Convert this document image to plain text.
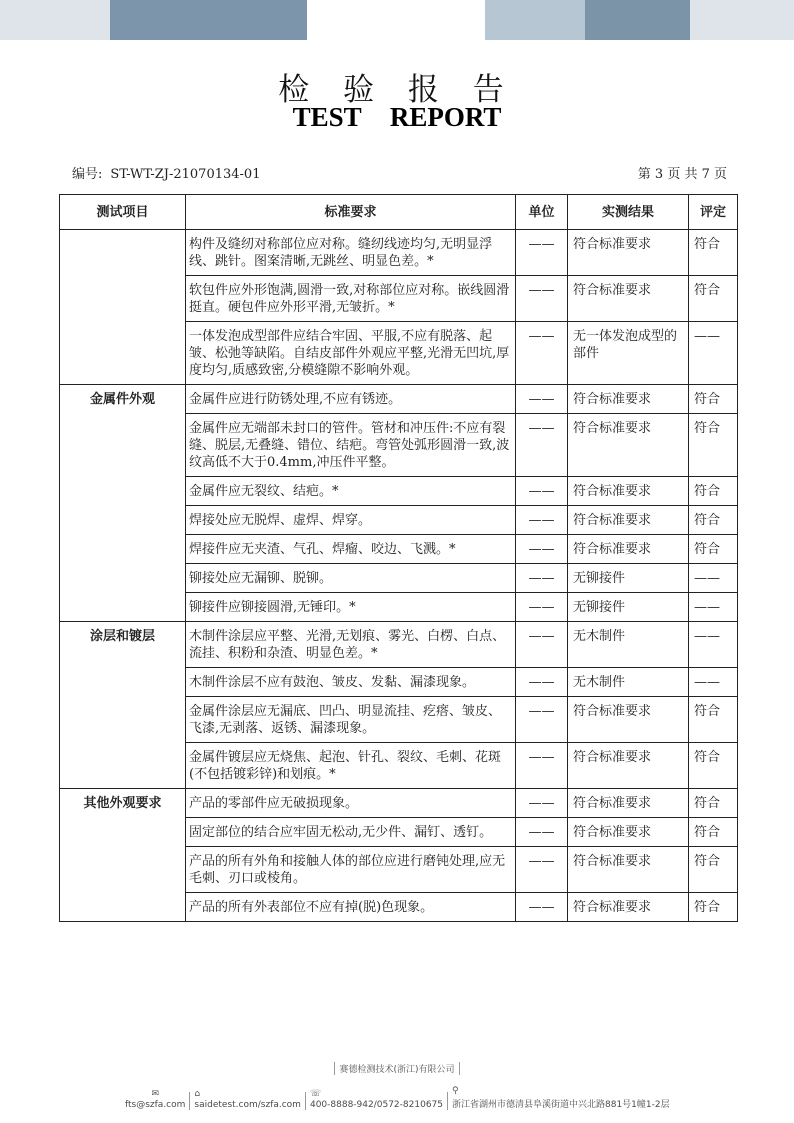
检 验 报 告
TEST REPORT
编号: ST-WT-ZJ-21070134-01	第 3 页 共 7 页
测试项目	标准要求	单位	实测结果	评定
	构件及缝纫对称部位应对称。缝纫线迹均匀,无明显浮线、跳针。图案清晰,无跳丝、明显色差。*	——	符合标准要求	符合
	软包件应外形饱满,圆滑一致,对称部位应对称。嵌线圆滑挺直。硬包件应外形平滑,无皱折。*	——	符合标准要求	符合
	一体发泡成型部件应结合牢固、平服,不应有脱落、起皱、松弛等缺陷。自结皮部件外观应平整,光滑无凹坑,厚度均匀,质感致密,分模缝隙不影响外观。	——	无一体发泡成型的部件	——
金属件外观	金属件应进行防锈处理,不应有锈迹。	——	符合标准要求	符合
	金属件应无端部未封口的管件。管材和冲压件:不应有裂缝、脱层,无叠缝、错位、结疤。弯管处弧形圆滑一致,波纹高低不大于0.4mm,冲压件平整。	——	符合标准要求	符合
	金属件应无裂纹、结疤。*	——	符合标准要求	符合
	焊接处应无脱焊、虚焊、焊穿。	——	符合标准要求	符合
	焊接件应无夹渣、气孔、焊瘤、咬边、飞溅。*	——	符合标准要求	符合
	铆接处应无漏铆、脱铆。	——	无铆接件	——
	铆接件应铆接圆滑,无锤印。*	——	无铆接件	——
涂层和镀层	木制件涂层应平整、光滑,无划痕、雾光、白楞、白点、流挂、积粉和杂渣、明显色差。*	——	无木制件	——
	木制件涂层不应有鼓泡、皱皮、发黏、漏漆现象。	——	无木制件	——
	金属件涂层应无漏底、凹凸、明显流挂、疙瘩、皱皮、飞漆,无剥落、返锈、漏漆现象。	——	符合标准要求	符合
	金属件镀层应无烧焦、起泡、针孔、裂纹、毛刺、花斑(不包括镀彩锌)和划痕。*	——	符合标准要求	符合
其他外观要求	产品的零部件应无破损现象。	——	符合标准要求	符合
	固定部位的结合应牢固无松动,无少件、漏钉、透钉。	——	符合标准要求	符合
	产品的所有外角和接触人体的部位应进行磨钝处理,应无毛刺、刃口或棱角。	——	符合标准要求	符合
	产品的所有外表部位不应有掉(脱)色现象。	——	符合标准要求	符合
赛德检测技术(浙江)有限公司
✉
fts@szfa.com
⌂
saidetest.com/szfa.com
☏
400-8888-942/0572-8210675
⚲
浙江省湖州市德清县阜溪街道中兴北路881号1幢1-2层
